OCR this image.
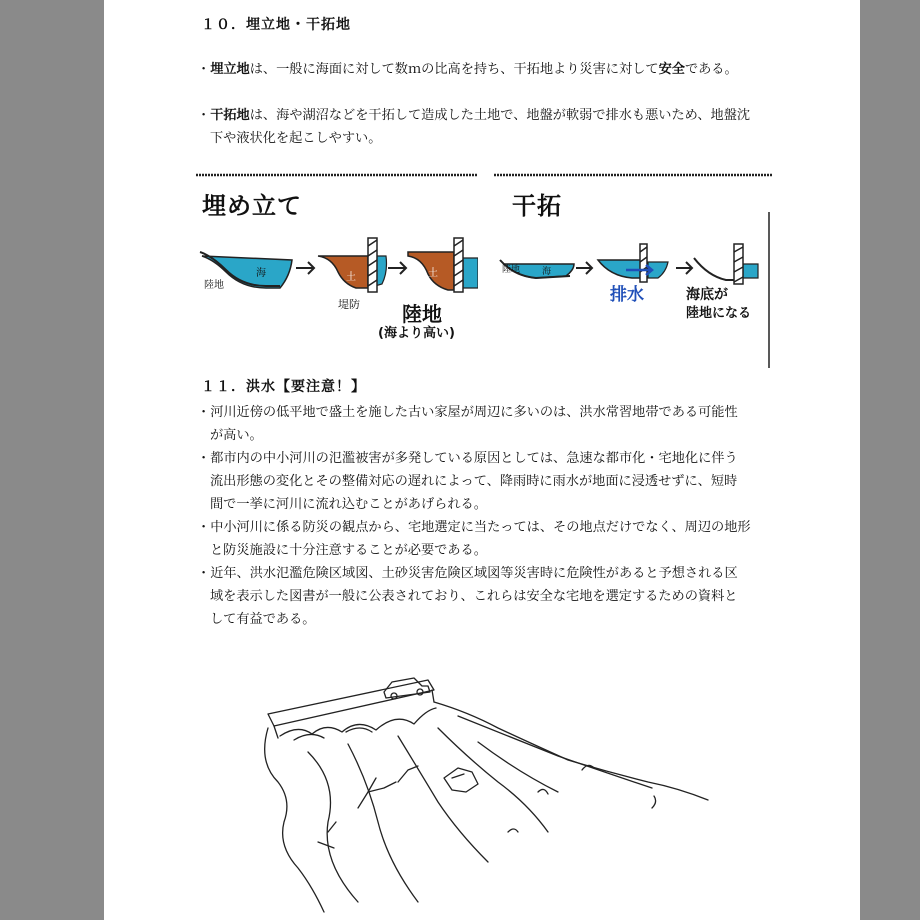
１０．埋立地・干拓地
・埋立地は、一般に海面に対して数ｍの比高を持ち、干拓地より災害に対して安全である。
・干拓地は、海や湖沼などを干拓して造成した土地で、地盤が軟弱で排水も悪いため、地盤沈
下や液状化を起こしやすい。
埋め立て
陸地
海	土	土
堤防 陸地
(海より高い)
干拓
陸地 海
排水	海底が
陸地になる
１１．洪水【要注意！】
・河川近傍の低平地で盛土を施した古い家屋が周辺に多いのは、洪水常習地帯である可能性
が高い。
・都市内の中小河川の氾濫被害が多発している原因としては、急速な都市化・宅地化に伴う
流出形態の変化とその整備対応の遅れによって、降雨時に雨水が地面に浸透せずに、短時
間で一挙に河川に流れ込むことがあげられる。
・中小河川に係る防災の観点から、宅地選定に当たっては、その地点だけでなく、周辺の地形
と防災施設に十分注意することが必要である。
・近年、洪水氾濫危険区域図、土砂災害危険区域図等災害時に危険性があると予想される区
域を表示した図書が一般に公表されており、これらは安全な宅地を選定するための資料と
して有益である。
